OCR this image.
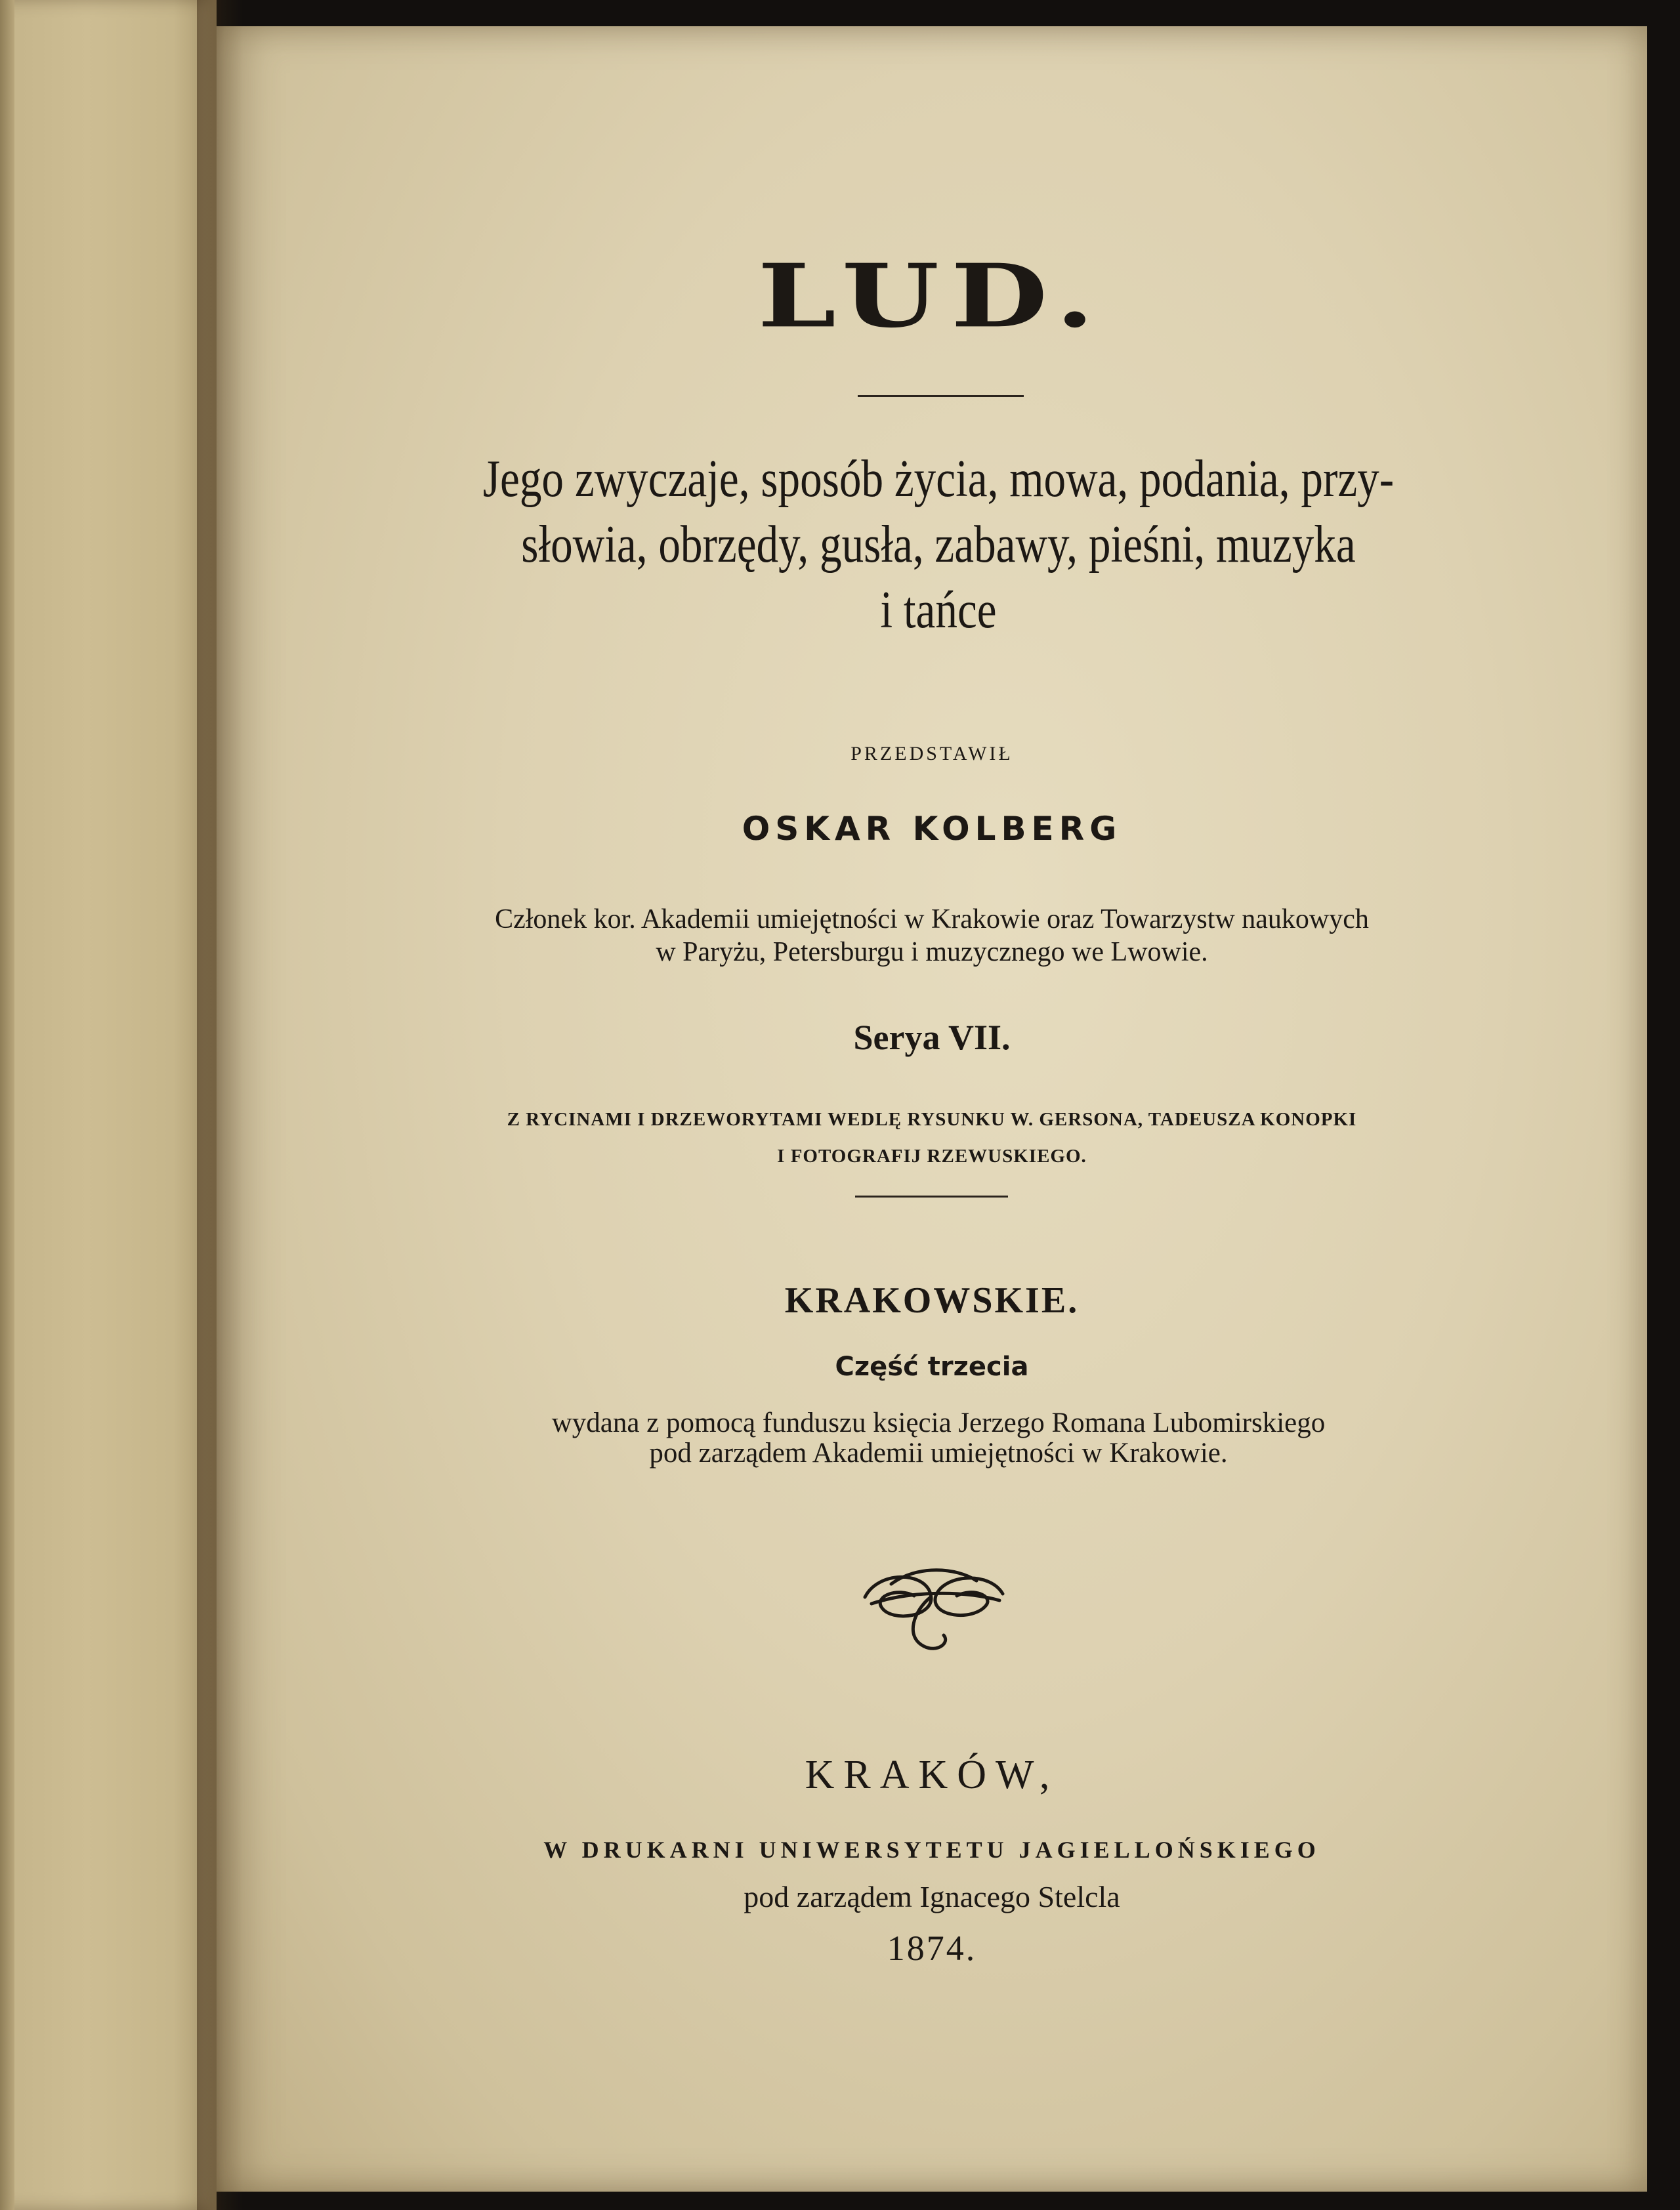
LUD.
Jego zwyczaje, sposób życia, mowa, podania, przy-
słowia, obrzędy, gusła, zabawy, pieśni, muzyka
i tańce
PRZEDSTAWIŁ
OSKAR KOLBERG
Członek kor. Akademii umiejętności w Krakowie oraz Towarzystw naukowych
w Paryżu, Petersburgu i muzycznego we Lwowie.
Serya VII.
Z RYCINAMI I DRZEWORYTAMI WEDLĘ RYSUNKU W. GERSONA, TADEUSZA KONOPKI
I FOTOGRAFIJ RZEWUSKIEGO.
KRAKOWSKIE.
Część trzecia
wydana z pomocą funduszu księcia Jerzego Romana Lubomirskiego
pod zarządem Akademii umiejętności w Krakowie.
KRAKÓW,
W DRUKARNI UNIWERSYTETU JAGIELLOŃSKIEGO
pod zarządem Ignacego Stelcla
1874.
